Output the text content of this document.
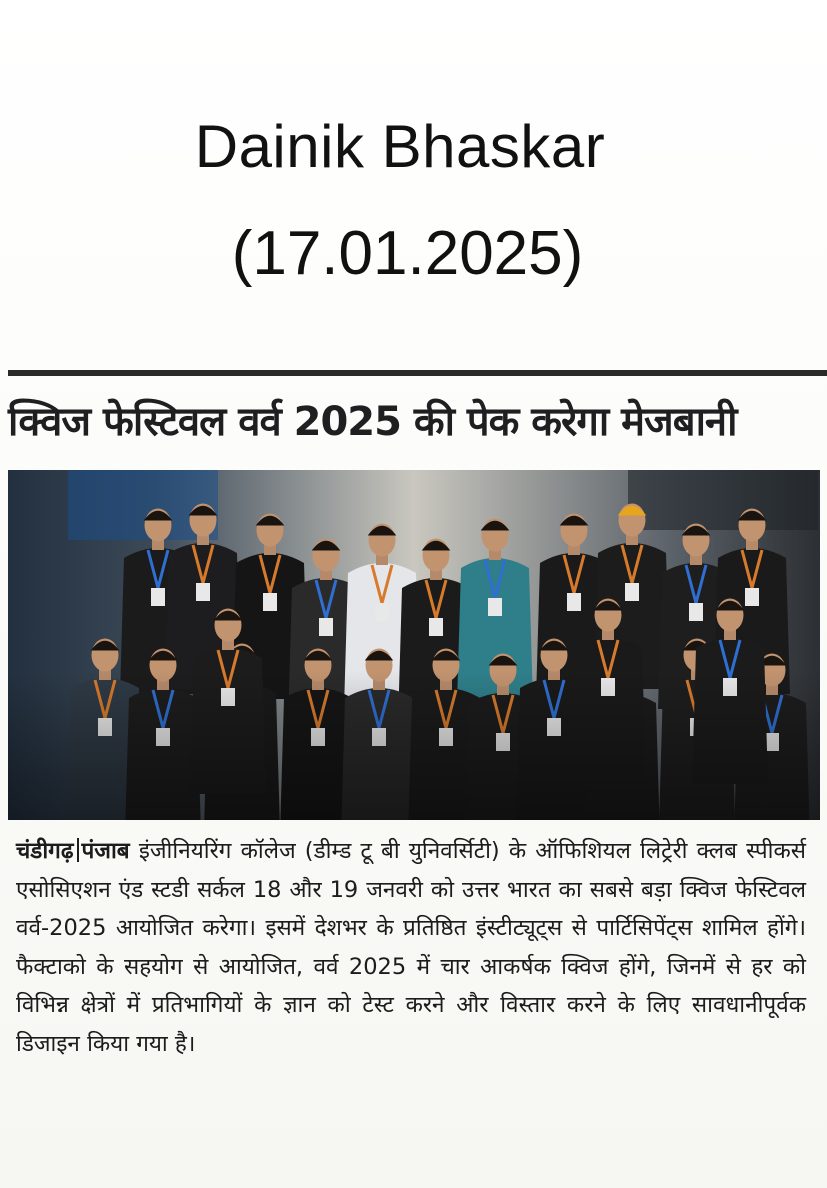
Dainik Bhaskar
(17.01.2025)
क्विज फेस्टिवल वर्व 2025 की पेक करेगा मेजबानी
चंडीगढ़ पंजाब इंजीनियरिंग कॉलेज (डीम्ड टू बी युनिवर्सिटी) के ऑफिशियल लिट्रेरी क्लब स्पीकर्स एसोसिएशन एंड स्टडी सर्कल 18 और 19 जनवरी को उत्तर भारत का सबसे बड़ा क्विज फेस्टिवल वर्व-2025 आयोजित करेगा। इसमें देशभर के प्रतिष्ठित इंस्टीट्यूट्स से पार्टिसिपेंट्स शामिल होंगे। फैक्टाको के सहयोग से आयोजित, वर्व 2025 में चार आकर्षक क्विज होंगे, जिनमें से हर को विभिन्न क्षेत्रों में प्रतिभागियों के ज्ञान को टेस्ट करने और विस्तार करने के लिए सावधानीपूर्वक डिजाइन किया गया है।
